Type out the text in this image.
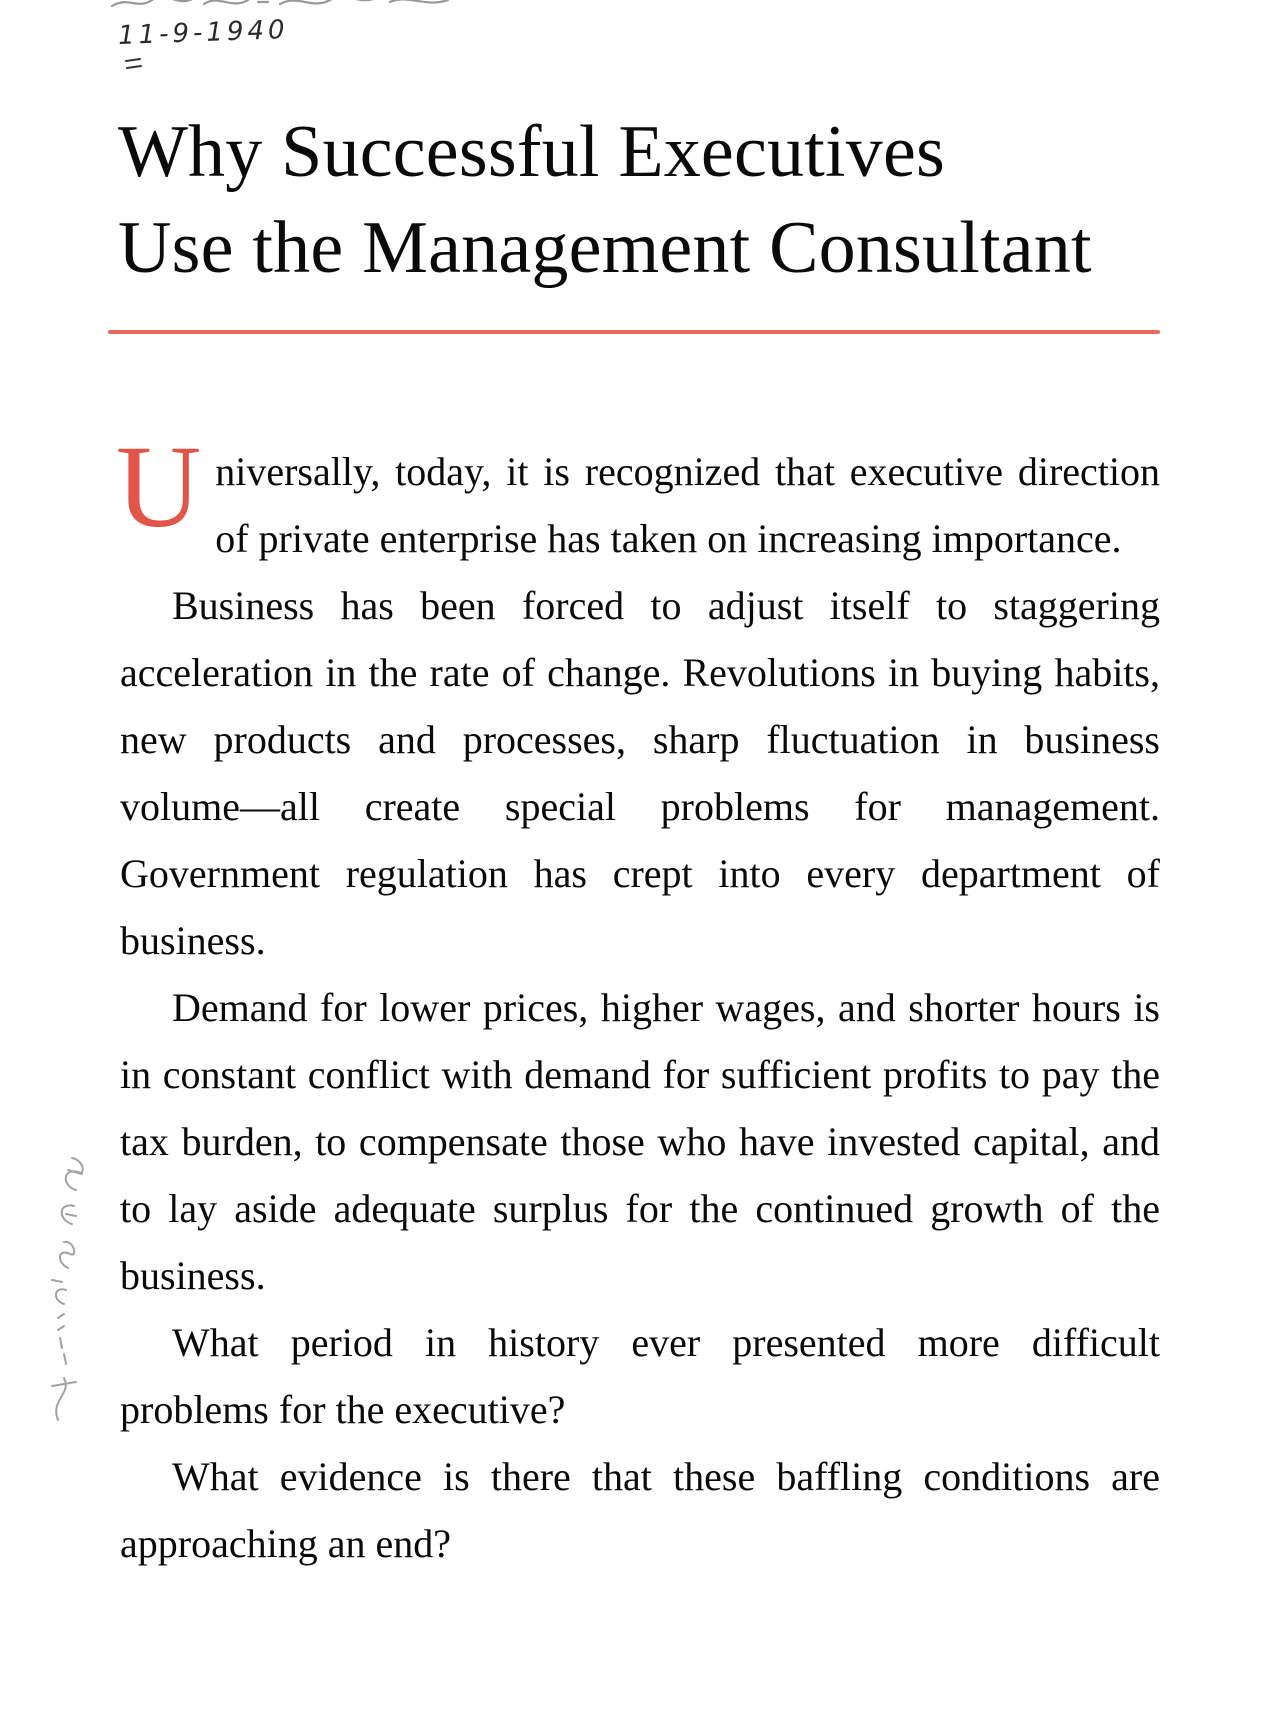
11-9-1940
Why Successful Executives
Use the Management Consultant

Universally, today, it is recognized that executive direction of private enterprise has taken on increasing importance.

Business has been forced to adjust itself to staggering acceleration in the rate of change. Revolutions in buying habits, new products and processes, sharp fluctuation in business volume—all create special problems for management. Government regulation has crept into every department of business.

Demand for lower prices, higher wages, and shorter hours is in constant conflict with demand for sufficient profits to pay the tax burden, to compensate those who have invested capital, and to lay aside adequate surplus for the continued growth of the business.

What period in history ever presented more difficult problems for the executive?

What evidence is there that these baffling conditions are approaching an end?
